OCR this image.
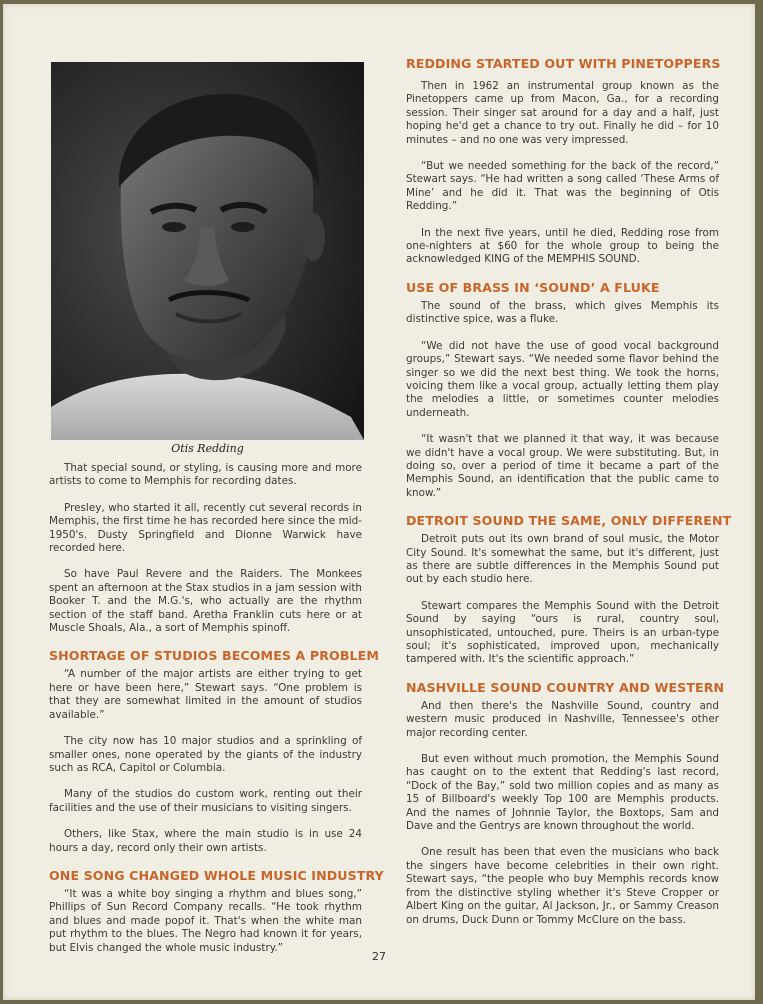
Otis Redding

That special sound, or styling, is causing more and more artists to come to Memphis for recording dates.

Presley, who started it all, recently cut several records in Memphis, the first time he has recorded here since the mid-1950's. Dusty Springfield and Dionne Warwick have recorded here.

So have Paul Revere and the Raiders. The Monkees spent an afternoon at the Stax studios in a jam session with Booker T. and the M.G.'s, who actually are the rhythm section of the staff band. Aretha Franklin cuts here or at Muscle Shoals, Ala., a sort of Memphis spinoff.

SHORTAGE OF STUDIOS BECOMES A PROBLEM

“A number of the major artists are either trying to get here or have been here,” Stewart says. “One problem is that they are somewhat limited in the amount of studios available.”

The city now has 10 major studios and a sprinkling of smaller ones, none operated by the giants of the industry such as RCA, Capitol or Columbia.

Many of the studios do custom work, renting out their facilities and the use of their musicians to visiting singers.

Others, like Stax, where the main studio is in use 24 hours a day, record only their own artists.

ONE SONG CHANGED WHOLE MUSIC INDUSTRY

“It was a white boy singing a rhythm and blues song,” Phillips of Sun Record Company recalls. “He took rhythm and blues and made popof it. That's when the white man put rhythm to the blues. The Negro had known it for years, but Elvis changed the whole music industry.”

REDDING STARTED OUT WITH PINETOPPERS

Then in 1962 an instrumental group known as the Pinetoppers came up from Macon, Ga., for a recording session. Their singer sat around for a day and a half, just hoping he'd get a chance to try out. Finally he did – for 10 minutes – and no one was very impressed.

“But we needed something for the back of the record,” Stewart says. “He had written a song called ‘These Arms of Mine’ and he did it. That was the beginning of Otis Redding.”

In the next five years, until he died, Redding rose from one-nighters at $60 for the whole group to being the acknowledged KING of the MEMPHIS SOUND.

USE OF BRASS IN ‘SOUND’ A FLUKE

The sound of the brass, which gives Memphis its distinctive spice, was a fluke.

“We did not have the use of good vocal background groups,” Stewart says. “We needed some flavor behind the singer so we did the next best thing. We took the horns, voicing them like a vocal group, actually letting them play the melodies a little, or sometimes counter melodies underneath.

“It wasn't that we planned it that way, it was because we didn't have a vocal group. We were substituting. But, in doing so, over a period of time it became a part of the Memphis Sound, an identification that the public came to know.”

DETROIT SOUND THE SAME, ONLY DIFFERENT

Detroit puts out its own brand of soul music, the Motor City Sound. It's somewhat the same, but it's different, just as there are subtle differences in the Memphis Sound put out by each studio here.

Stewart compares the Memphis Sound with the Detroit Sound by saying “ours is rural, country soul, unsophisticated, untouched, pure. Theirs is an urban-type soul; it's sophisticated, improved upon, mechanically tampered with. It's the scientific approach.”

NASHVILLE SOUND COUNTRY AND WESTERN

And then there's the Nashville Sound, country and western music produced in Nashville, Tennessee's other major recording center.

But even without much promotion, the Memphis Sound has caught on to the extent that Redding's last record, “Dock of the Bay,” sold two million copies and as many as 15 of Billboard's weekly Top 100 are Memphis products. And the names of Johnnie Taylor, the Boxtops, Sam and Dave and the Gentrys are known throughout the world.

One result has been that even the musicians who back the singers have become celebrities in their own right. Stewart says, “the people who buy Memphis records know from the distinctive styling whether it's Steve Cropper or Albert King on the guitar, Al Jackson, Jr., or Sammy Creason on drums, Duck Dunn or Tommy McClure on the bass.

27
